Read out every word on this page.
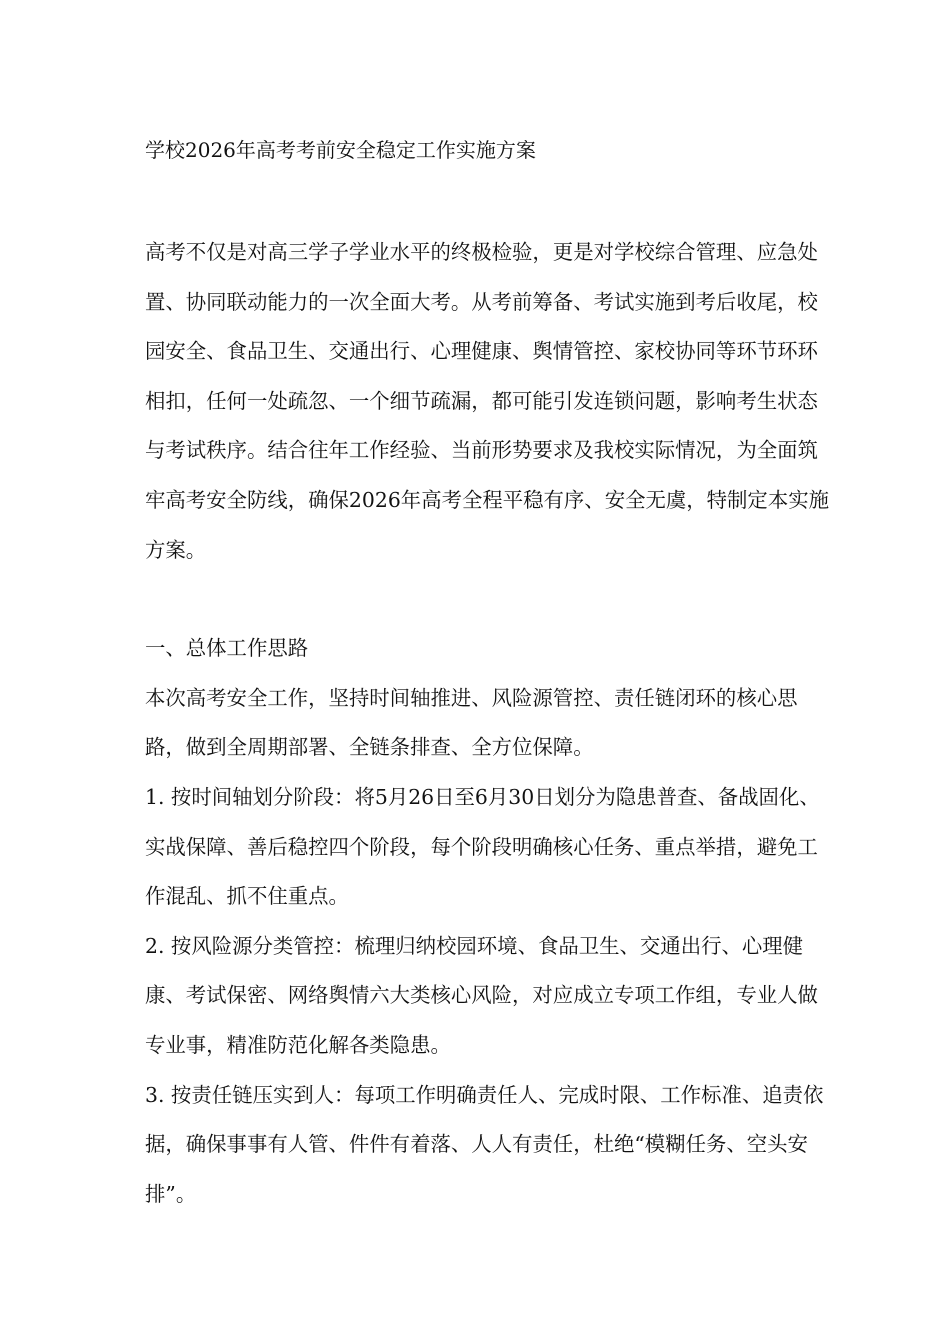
学校2026年高考考前安全稳定工作实施方案

高考不仅是对高三学子学业水平的终极检验，更是对学校综合管理、应急处置、协同联动能力的一次全面大考。从考前筹备、考试实施到考后收尾，校园安全、食品卫生、交通出行、心理健康、舆情管控、家校协同等环节环环相扣，任何一处疏忽、一个细节疏漏，都可能引发连锁问题，影响考生状态与考试秩序。结合往年工作经验、当前形势要求及我校实际情况，为全面筑牢高考安全防线，确保2026年高考全程平稳有序、安全无虞，特制定本实施方案。

一、总体工作思路

本次高考安全工作，坚持时间轴推进、风险源管控、责任链闭环的核心思路，做到全周期部署、全链条排查、全方位保障。

1. 按时间轴划分阶段：将5月26日至6月30日划分为隐患普查、备战固化、实战保障、善后稳控四个阶段，每个阶段明确核心任务、重点举措，避免工作混乱、抓不住重点。

2. 按风险源分类管控：梳理归纳校园环境、食品卫生、交通出行、心理健康、考试保密、网络舆情六大类核心风险，对应成立专项工作组，专业人做专业事，精准防范化解各类隐患。

3. 按责任链压实到人：每项工作明确责任人、完成时限、工作标准、追责依据，确保事事有人管、件件有着落、人人有责任，杜绝“模糊任务、空头安排”。
